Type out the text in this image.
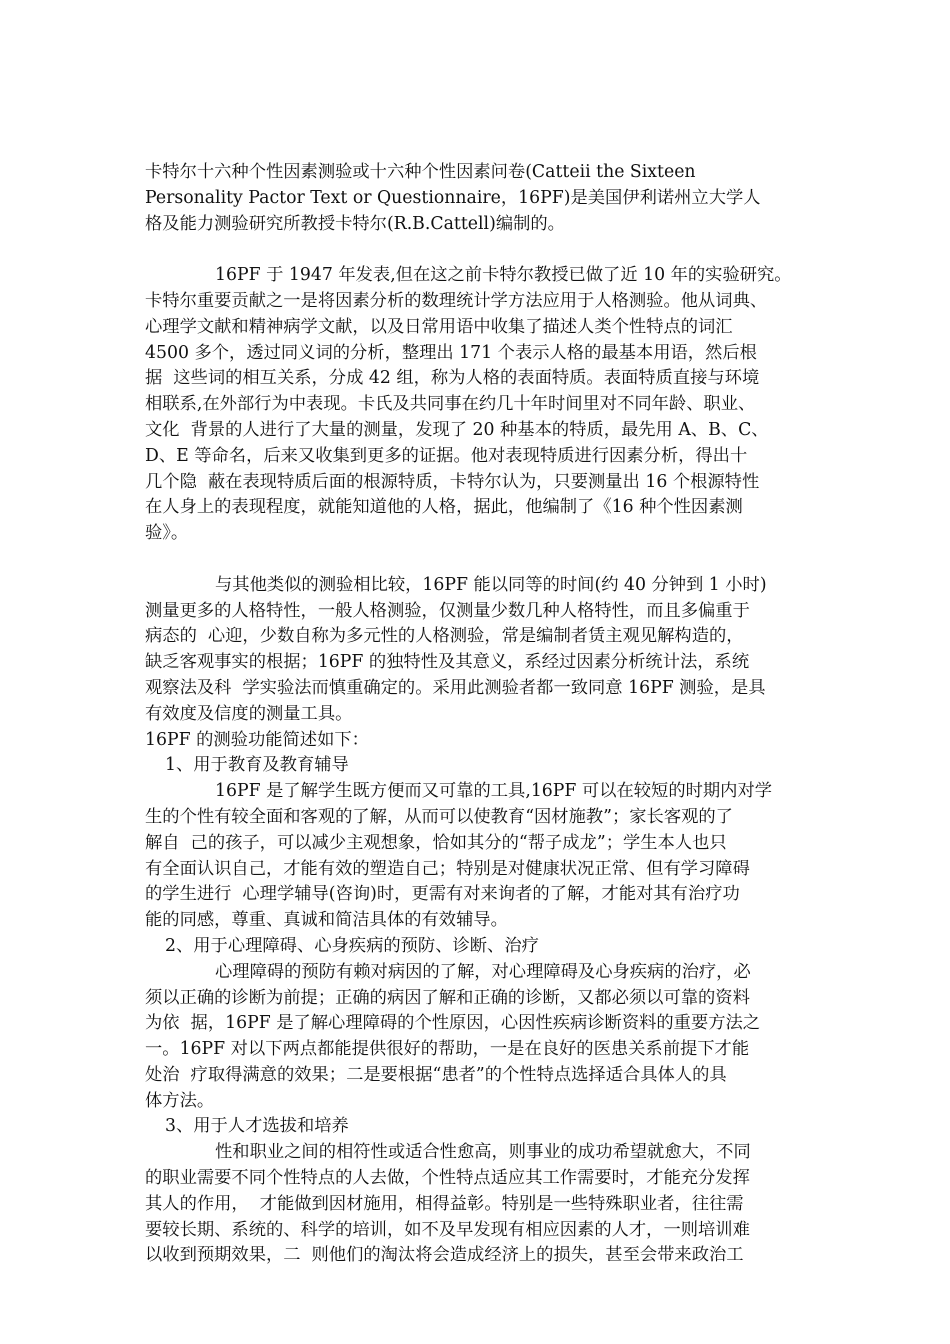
卡特尔十六种个性因素测验或十六种个性因素问卷(Catteii the Sixteen
Personality Pactor Text or Questionnaire，16PF)是美国伊利诺州立大学人
格及能力测验研究所教授卡特尔(R.B.Cattell)编制的。
16PF 于 1947 年发表,但在这之前卡特尔教授已做了近 10 年的实验研究。
卡特尔重要贡献之一是将因素分析的数理统计学方法应用于人格测验。他从词典、
心理学文献和精神病学文献，以及日常用语中收集了描述人类个性特点的词汇
4500 多个，透过同义词的分析，整理出 171 个表示人格的最基本用语，然后根
据  这些词的相互关系，分成 42 组，称为人格的表面特质。表面特质直接与环境
相联系,在外部行为中表现。卡氏及共同事在约几十年时间里对不同年龄、职业、
文化  背景的人进行了大量的测量，发现了 20 种基本的特质，最先用 A、B、C、
D、E 等命名，后来又收集到更多的证据。他对表现特质进行因素分析，得出十
几个隐  蔽在表现特质后面的根源特质，卡特尔认为，只要测量出 16 个根源特性
在人身上的表现程度，就能知道他的人格，据此，他编制了《16 种个性因素测
验》。
与其他类似的测验相比较，16PF 能以同等的时间(约 40 分钟到 1 小时)
测量更多的人格特性，一般人格测验，仅测量少数几种人格特性，而且多偏重于
病态的  心迎，少数自称为多元性的人格测验，常是编制者赁主观见解构造的，
缺乏客观事实的根据；16PF 的独特性及其意义，系经过因素分析统计法，系统
观察法及科  学实验法而慎重确定的。采用此测验者都一致同意 16PF 测验，是具
有效度及信度的测量工具。
16PF 的测验功能简述如下：
1、用于教育及教育辅导
16PF 是了解学生既方便而又可靠的工具,16PF 可以在较短的时期内对学
生的个性有较全面和客观的了解，从而可以使教育“因材施教”；家长客观的了
解自  己的孩子，可以减少主观想象，恰如其分的“帮子成龙”；学生本人也只
有全面认识自己，才能有效的塑造自己；特别是对健康状况正常、但有学习障碍
的学生进行  心理学辅导(咨询)时，更需有对来询者的了解，才能对其有治疗功
能的同感，尊重、真诚和简洁具体的有效辅导。
2、用于心理障碍、心身疾病的预防、诊断、治疗
心理障碍的预防有赖对病因的了解，对心理障碍及心身疾病的治疗，必
须以正确的诊断为前提；正确的病因了解和正确的诊断，又都必须以可靠的资料
为依  据，16PF 是了解心理障碍的个性原因，心因性疾病诊断资料的重要方法之
一。16PF 对以下两点都能提供很好的帮助，一是在良好的医患关系前提下才能
处治  疗取得满意的效果；二是要根据“患者”的个性特点选择适合具体人的具
体方法。
3、用于人才选拔和培养
性和职业之间的相符性或适合性愈高，则事业的成功希望就愈大，不同
的职业需要不同个性特点的人去做，个性特点适应其工作需要时，才能充分发挥
其人的作用，  才能做到因材施用，相得益彰。特别是一些特殊职业者，往往需
要较长期、系统的、科学的培训，如不及早发现有相应因素的人才，一则培训难
以收到预期效果，二  则他们的淘汰将会造成经济上的损失，甚至会带来政治工
